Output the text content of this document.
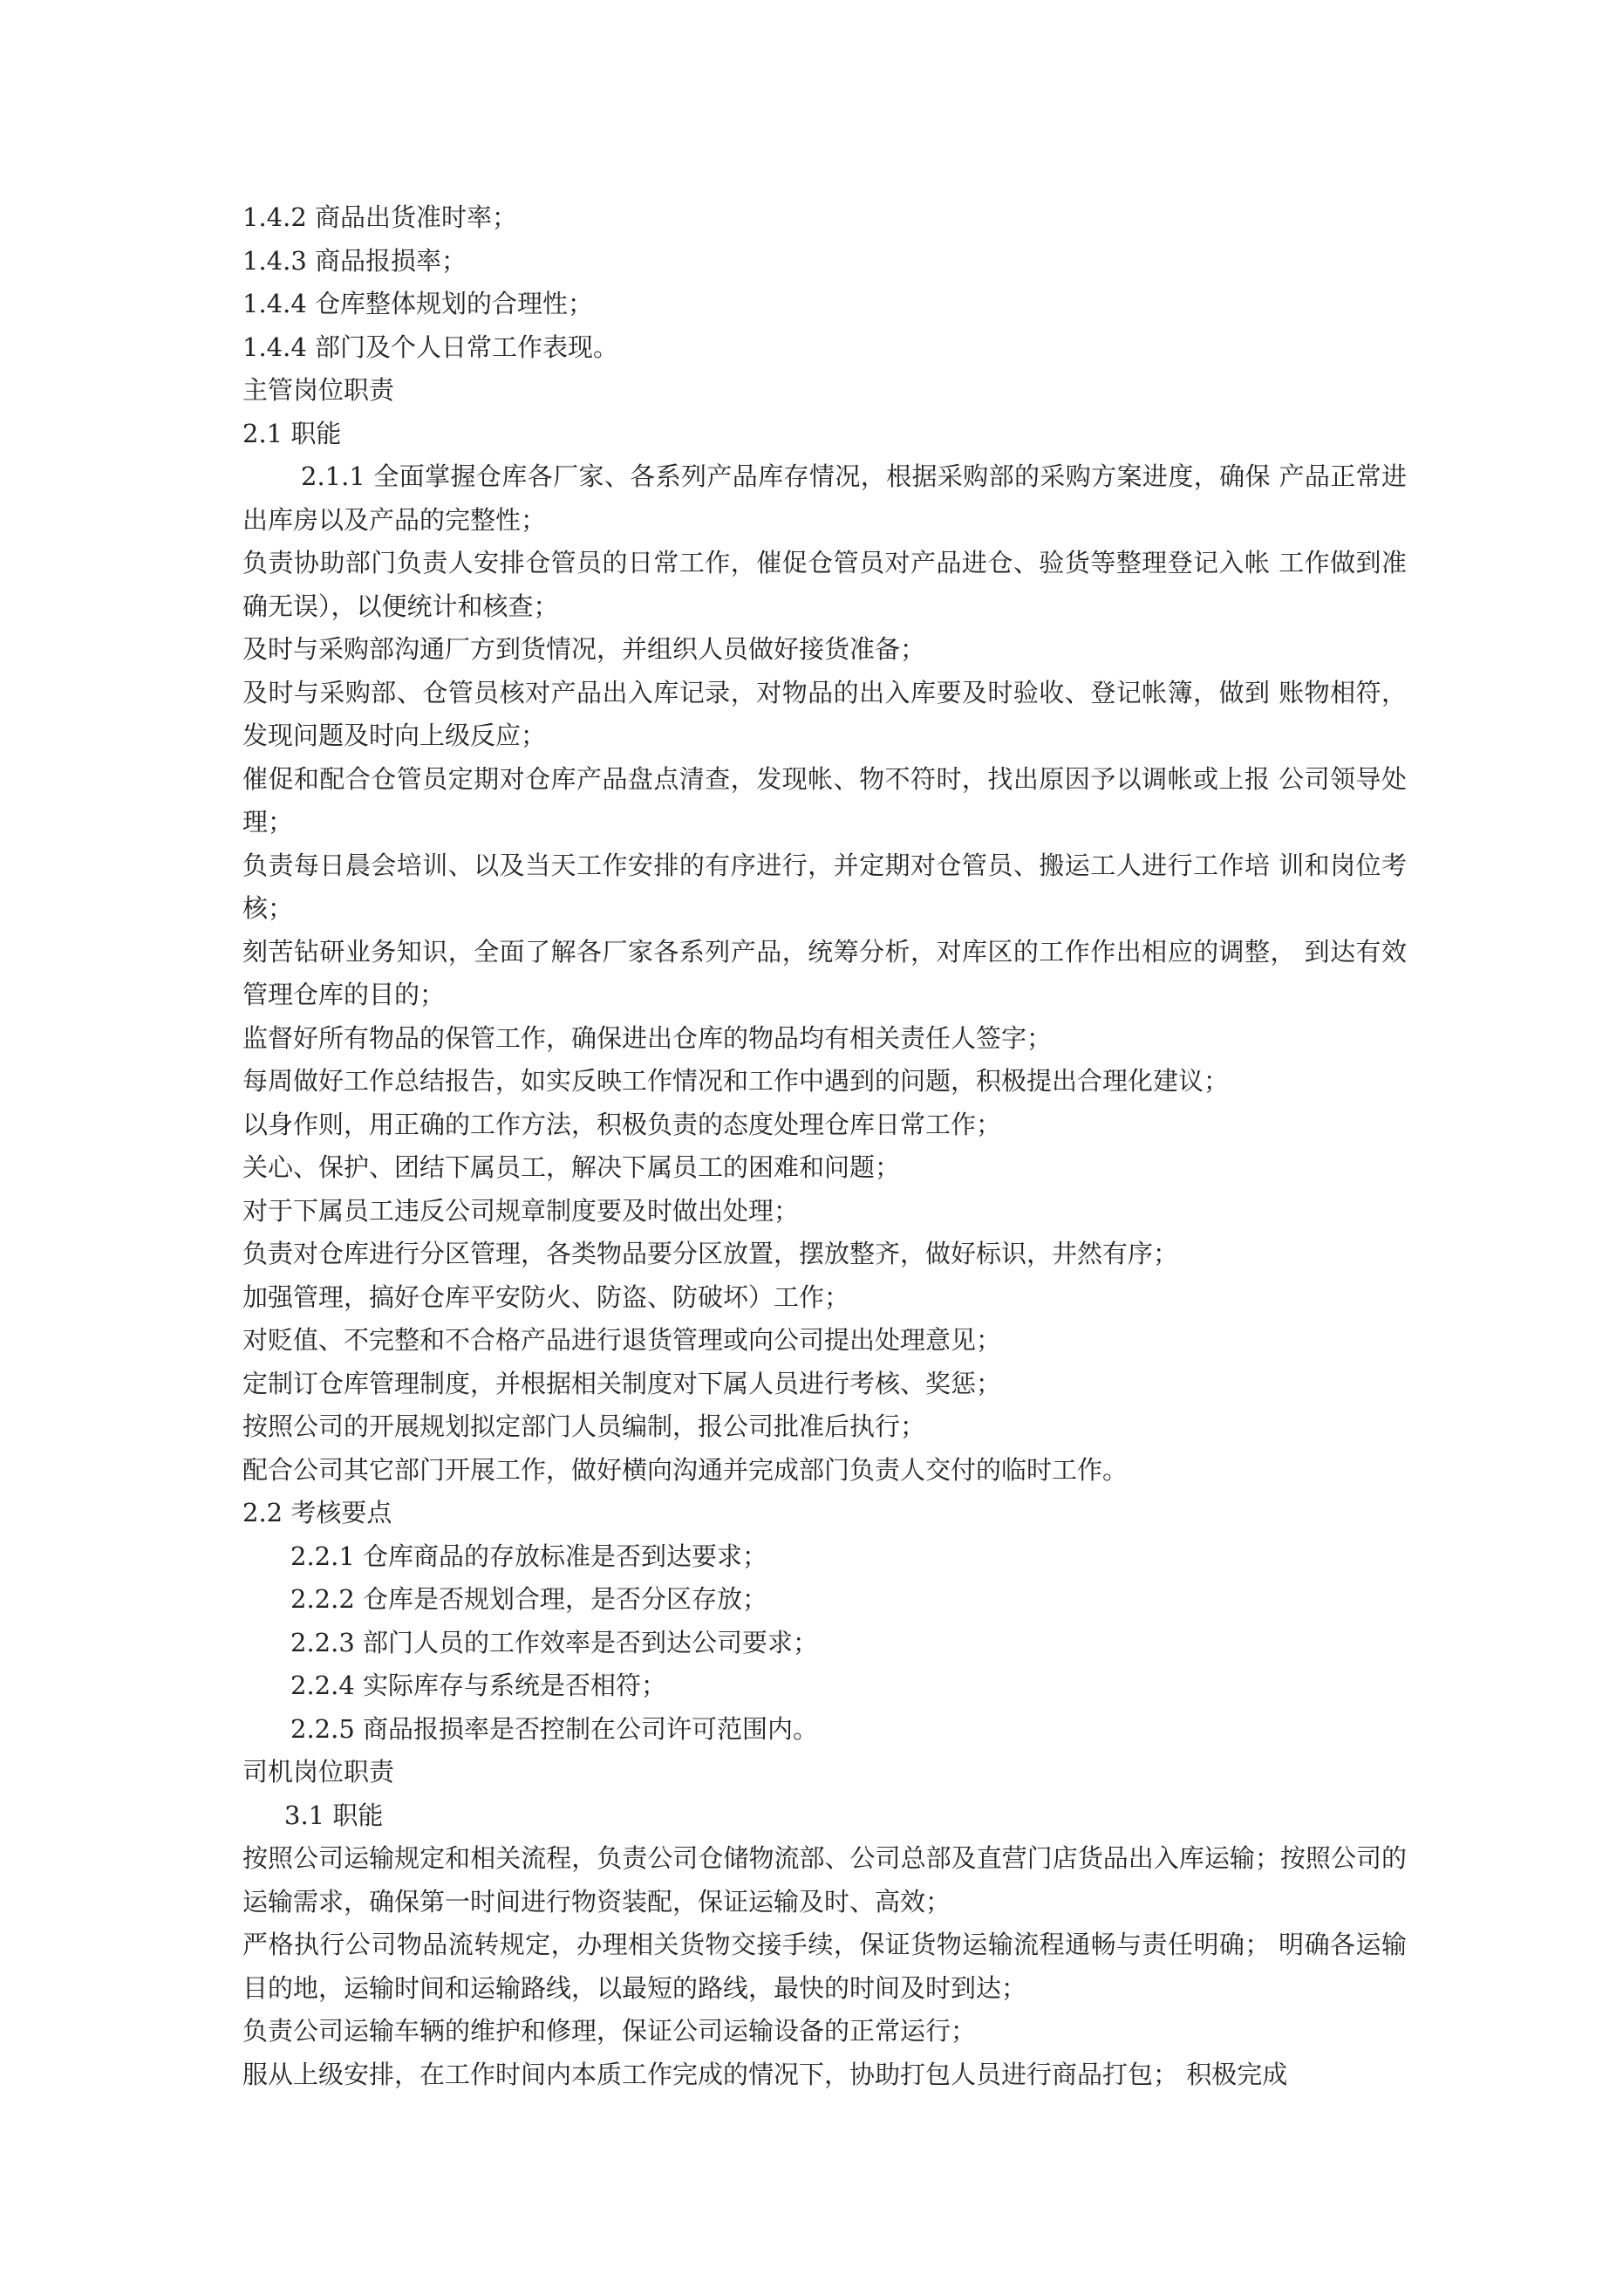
1.4.2 商品出货准时率；
1.4.3 商品报损率；
1.4.4 仓库整体规划的合理性；
1.4.4 部门及个人日常工作表现。
主管岗位职责
2.1 职能
2.1.1 全面掌握仓库各厂家、各系列产品库存情况，根据采购部的采购方案进度，确保 产品正常进出库房以及产品的完整性；
负责协助部门负责人安排仓管员的日常工作，催促仓管员对产品进仓、验货等整理登记入帐 工作做到准确无误），以便统计和核查；
及时与采购部沟通厂方到货情况，并组织人员做好接货准备；
及时与采购部、仓管员核对产品出入库记录，对物品的出入库要及时验收、登记帐簿，做到 账物相符，发现问题及时向上级反应；
催促和配合仓管员定期对仓库产品盘点清查，发现帐、物不符时，找出原因予以调帐或上报 公司领导处理；
负责每日晨会培训、以及当天工作安排的有序进行，并定期对仓管员、搬运工人进行工作培 训和岗位考核；
刻苦钻研业务知识，全面了解各厂家各系列产品，统筹分析，对库区的工作作出相应的调整， 到达有效管理仓库的目的；
监督好所有物品的保管工作，确保进出仓库的物品均有相关责任人签字；
每周做好工作总结报告，如实反映工作情况和工作中遇到的问题，积极提出合理化建议；
以身作则，用正确的工作方法，积极负责的态度处理仓库日常工作；
关心、保护、团结下属员工，解决下属员工的困难和问题；
对于下属员工违反公司规章制度要及时做出处理；
负责对仓库进行分区管理，各类物品要分区放置，摆放整齐，做好标识，井然有序；
加强管理，搞好仓库平安防火、防盗、防破坏）工作；
对贬值、不完整和不合格产品进行退货管理或向公司提出处理意见；
定制订仓库管理制度，并根据相关制度对下属人员进行考核、奖惩；
按照公司的开展规划拟定部门人员编制，报公司批准后执行；
配合公司其它部门开展工作，做好横向沟通并完成部门负责人交付的临时工作。
2.2 考核要点
2.2.1 仓库商品的存放标准是否到达要求；
2.2.2 仓库是否规划合理，是否分区存放；
2.2.3 部门人员的工作效率是否到达公司要求；
2.2.4 实际库存与系统是否相符；
2.2.5 商品报损率是否控制在公司许可范围内。
司机岗位职责
3.1 职能
按照公司运输规定和相关流程，负责公司仓储物流部、公司总部及直营门店货品出入库运输；按照公司的运输需求，确保第一时间进行物资装配，保证运输及时、高效；
严格执行公司物品流转规定，办理相关货物交接手续，保证货物运输流程通畅与责任明确； 明确各运输目的地，运输时间和运输路线，以最短的路线，最快的时间及时到达；
负责公司运输车辆的维护和修理，保证公司运输设备的正常运行；
服从上级安排，在工作时间内本质工作完成的情况下，协助打包人员进行商品打包； 积极完成
